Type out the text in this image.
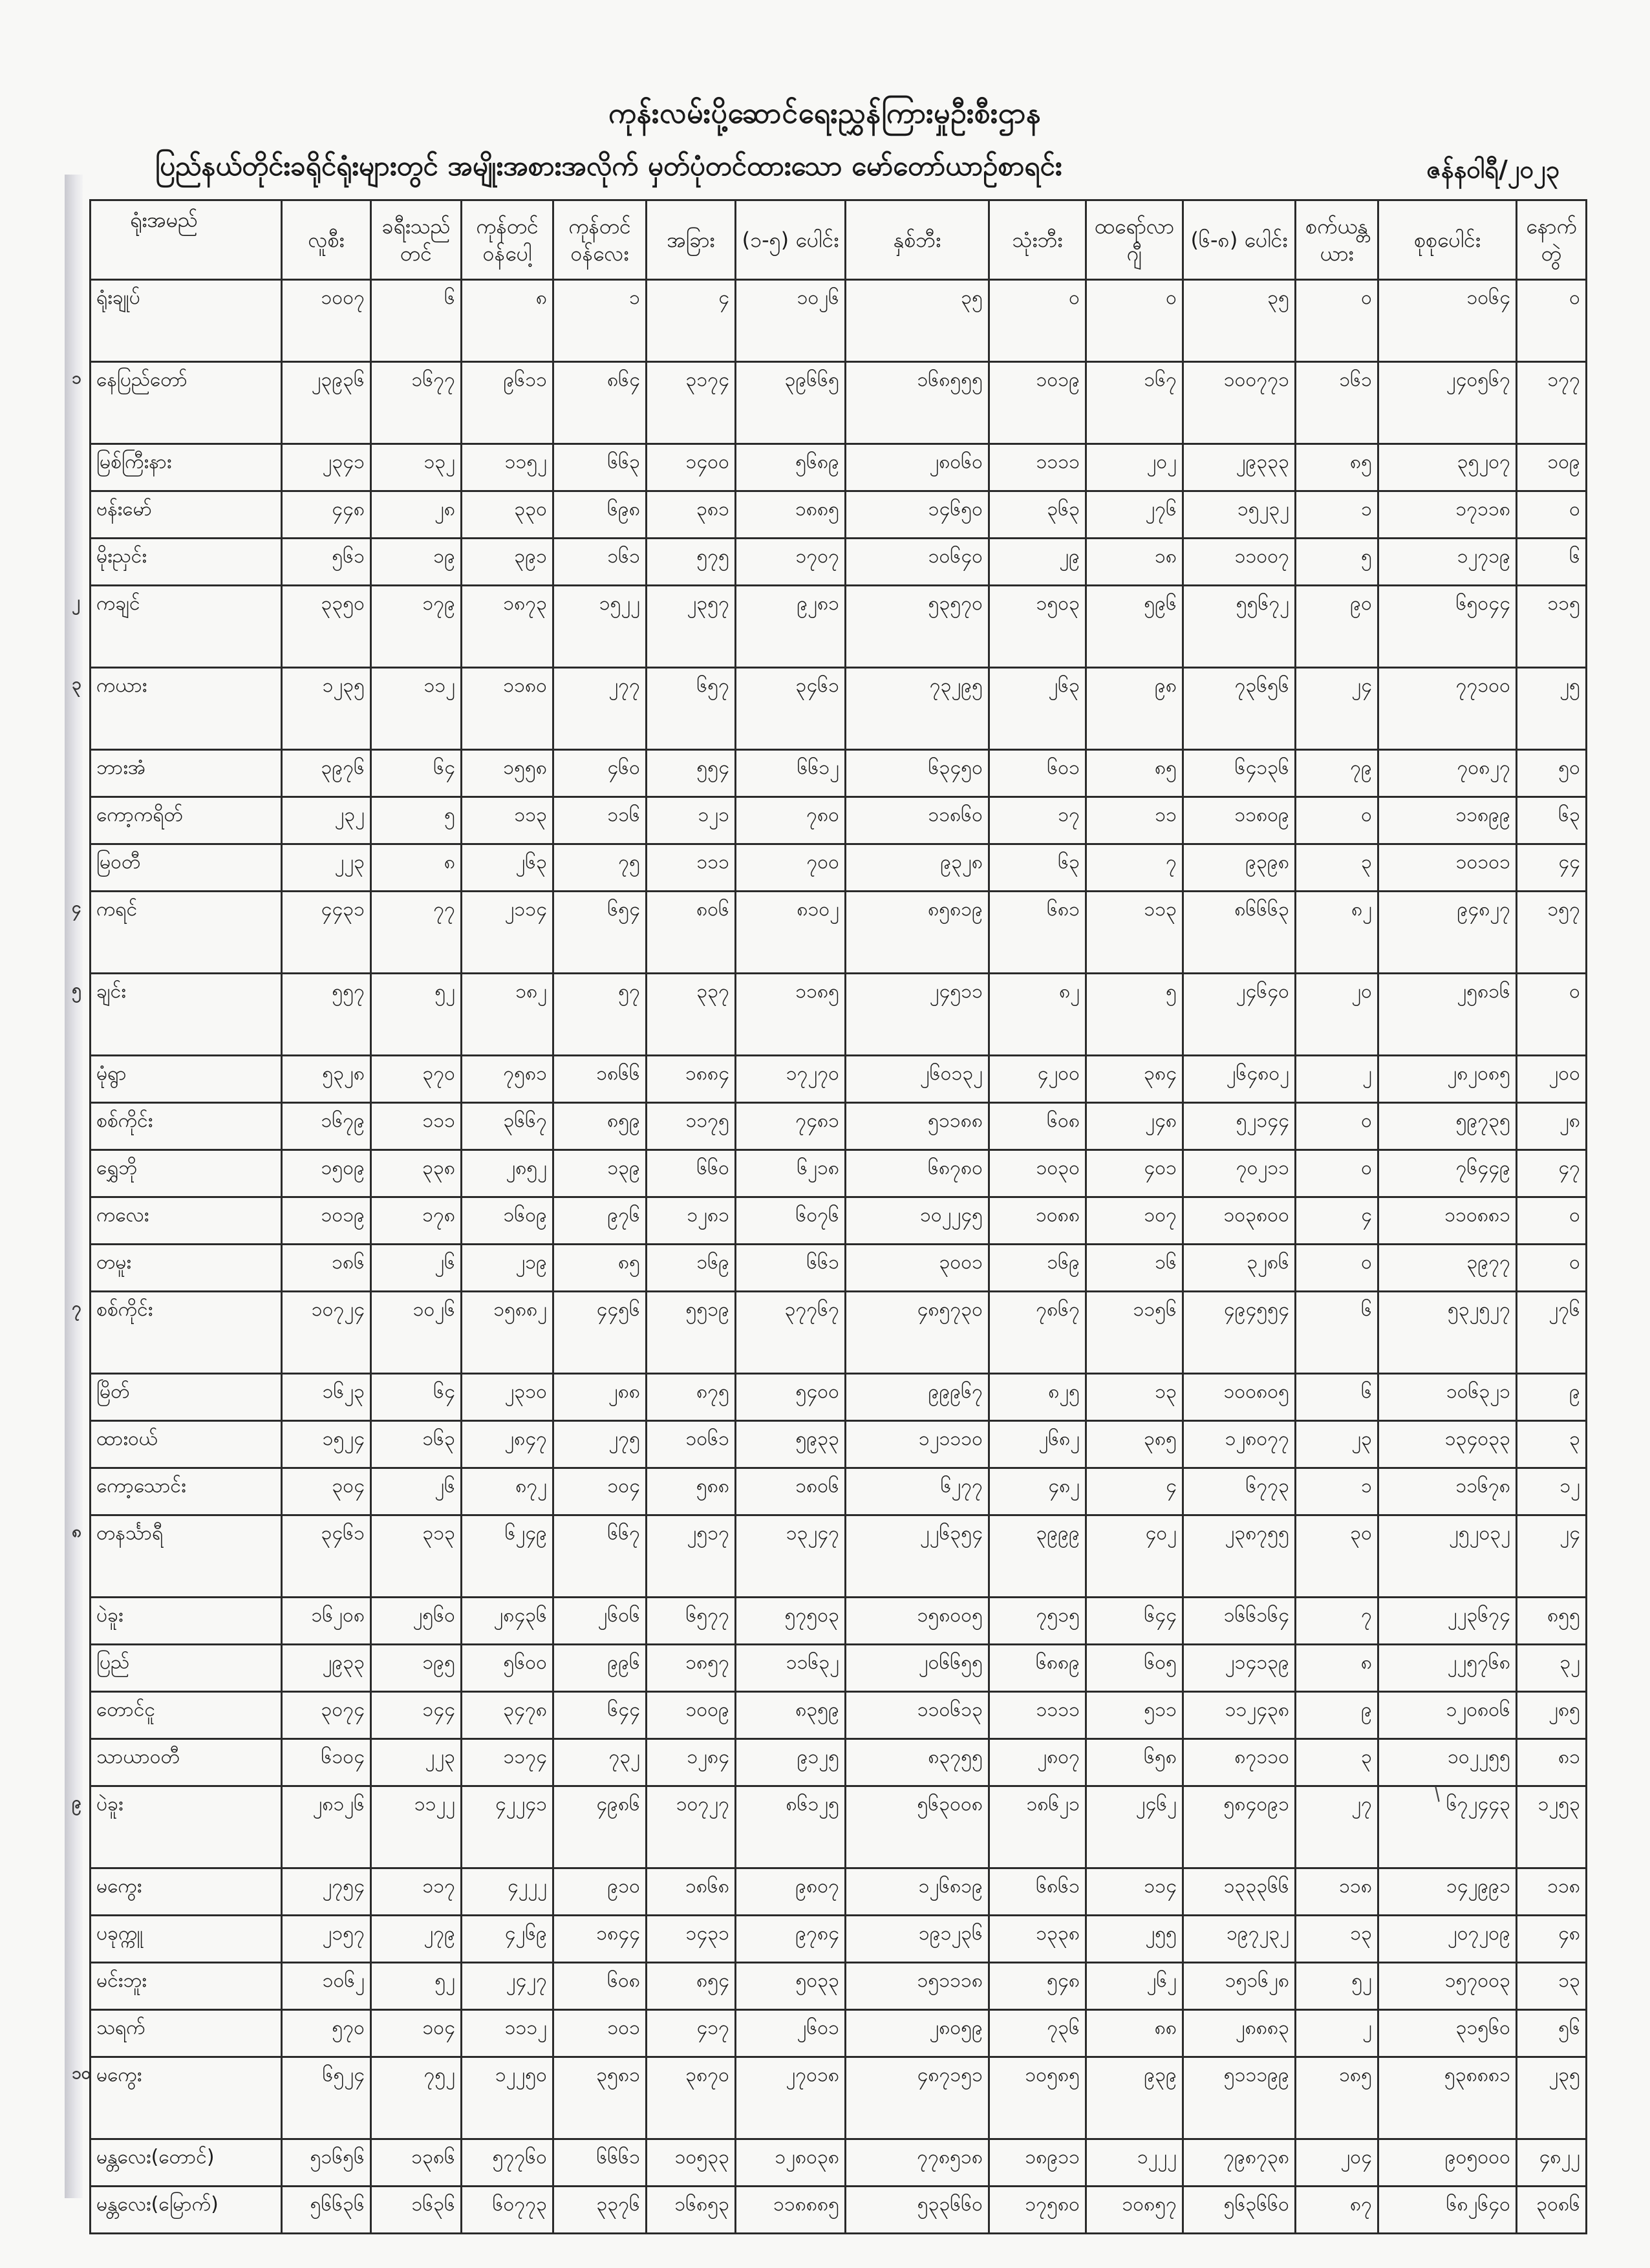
ကုန်းလမ်းပို့ဆောင်ရေးညွှန်ကြားမှုဦးစီးဌာန
ပြည်နယ်တိုင်းခရိုင်ရုံးများတွင် အမျိုးအစားအလိုက် မှတ်ပုံတင်ထားသော မော်တော်ယာဉ်စာရင်း	ဇန်န၀ါရီ/၂၀၂၃
ရုံးအမည်	လူစီး	ခရီးသည်တင်	ကုန်တင်ဝန်ပေါ့	ကုန်တင်ဝန်လေး	အခြား	(၁-၅) ပေါင်း	နှစ်ဘီး	သုံးဘီး	ထရော်လာဂျီ	(၆-၈) ပေါင်း	စက်ယန္တယား	စုစုပေါင်း	နောက်တွဲ

ရုံးချုပ်	၁၀၀၇	၆	၈	၁	၄	၁၀၂၆	၃၅	၀	၀	၃၅	၀	၁၀၆၄	၀

၁ နေပြည်တော်	၂၃၉၃၆	၁၆၇၇	၉၆၁၁	၈၆၄	၃၁၇၄	၃၉၆၆၅	၁၆၈၅၅၅	၁၀၁၉	၁၆၇	၁၀၀၇၇၁	၁၆၁	၂၄၀၅၆၇	၁၇၇

မြစ်ကြီးနား	၂၃၄၁	၁၃၂	၁၁၅၂	၆၆၃	၁၄၀၀	၅၆၈၉	၂၈၀၆၀	၁၁၁၁	၂၀၂	၂၉၃၃၃	၈၅	၃၅၂၀၇	၁၀၉

ဗန်းမော်	၄၄၈	၂၈	၃၃၀	၆၉၈	၃၈၁	၁၈၈၅	၁၄၆၅၀	၃၆၃	၂၇၆	၁၅၂၃၂	၁	၁၇၁၁၈	၀

မိုးညှင်း	၅၆၁	၁၉	၃၉၁	၁၆၁	၅၇၅	၁၇၀၇	၁၀၆၄၀	၂၉	၁၈	၁၁၀၀၇	၅	၁၂၇၁၉	၆

၂ ကချင်	၃၃၅၀	၁၇၉	၁၈၇၃	၁၅၂၂	၂၃၅၇	၉၂၈၁	၅၃၅၇၀	၁၅၀၃	၅၉၆	၅၅၆၇၂	၉၀	၆၅၀၄၄	၁၁၅

၃ ကယား	၁၂၃၅	၁၁၂	၁၁၈၀	၂၇၇	၆၅၇	၃၄၆၁	၇၃၂၉၅	၂၆၃	၉၈	၇၃၆၅၆	၂၄	၇၇၁၀၀	၂၅

ဘားအံ	၃၉၇၆	၆၄	၁၅၅၈	၄၆၀	၅၅၄	၆၆၁၂	၆၃၄၅၀	၆၀၁	၈၅	၆၄၁၃၆	၇၉	၇၀၈၂၇	၅၀

ကော့ကရိတ်	၂၃၂	၅	၁၁၃	၁၁၆	၁၂၁	၇၈၀	၁၁၈၆၀	၁၇	၁၁	၁၁၈၀၉	၀	၁၁၈၉၉	၆၃

မြဝတီ	၂၂၃	၈	၂၆၃	၇၅	၁၁၁	၇၀၀	၉၃၂၈	၆၃	၇	၉၃၉၈	၃	၁၀၁၀၁	၄၄

၄ ကရင်	၄၄၃၁	၇၇	၂၁၁၄	၆၅၄	၈၀၆	၈၁၀၂	၈၅၈၁၉	၆၈၁	၁၁၃	၈၆၆၆၃	၈၂	၉၄၈၂၇	၁၅၇

၅ ချင်း	၅၅၇	၅၂	၁၈၂	၅၇	၃၃၇	၁၁၈၅	၂၄၅၁၁	၈၂	၅	၂၄၆၄၀	၂၀	၂၅၈၁၆	၀

မုံရွာ	၅၃၂၈	၃၇၀	၇၅၈၁	၁၈၆၆	၁၈၈၄	၁၇၂၇၀	၂၆၀၁၃၂	၄၂၀၀	၃၈၄	၂၆၄၈၀၂	၂	၂၈၂၀၈၅	၂၀၀

စစ်ကိုင်း	၁၆၇၉	၁၁၁	၃၆၆၇	၈၅၉	၁၁၇၅	၇၄၈၁	၅၁၁၈၈	၆၀၈	၂၄၈	၅၂၁၄၄	၀	၅၉၇၃၅	၂၈

ရွှေဘို	၁၅၀၉	၃၃၈	၂၈၅၂	၁၃၉	၆၆၀	၆၂၁၈	၆၈၇၈၀	၁၀၃၀	၄၀၁	၇၀၂၁၁	၀	၇၆၄၄၉	၄၇

ကလေး	၁၀၁၉	၁၇၈	၁၆၀၉	၉၇၆	၁၂၈၁	၆၀၇၆	၁၀၂၂၄၅	၁၀၈၈	၁၀၇	၁၀၃၈၀၀	၄	၁၁၀၈၈၁	၀

တမူး	၁၈၆	၂၆	၂၁၉	၈၅	၁၆၉	၆၆၁	၃၀၀၁	၁၆၉	၁၆	၃၂၈၆	၀	၃၉၇၇	၀

၇ စစ်ကိုင်း	၁၀၇၂၄	၁၀၂၆	၁၅၈၈၂	၄၄၅၆	၅၅၁၉	၃၇၇၆၇	၄၈၅၇၃၀	၇၈၆၇	၁၁၅၆	၄၉၄၅၅၄	၆	၅၃၂၅၂၇	၂၇၆

မြိတ်	၁၆၂၃	၆၄	၂၃၁၀	၂၈၈	၈၇၅	၅၄၀၀	၉၉၉၆၇	၈၂၅	၁၃	၁၀၀၈၀၅	၆	၁၀၆၃၂၁	၉

ထားဝယ်	၁၅၂၄	၁၆၃	၂၈၄၇	၂၇၅	၁၀၆၁	၅၉၃၃	၁၂၁၁၁၀	၂၆၈၂	၃၈၅	၁၂၈၀၇၇	၂၃	၁၃၄၀၃၃	၃

ကော့သောင်း	၃၀၄	၂၆	၈၇၂	၁၀၄	၅၈၈	၁၈၀၆	၆၂၇၇	၄၈၂	၄	၆၇၇၃	၁	၁၁၆၇၈	၁၂

၈ တနင်္သာရီ	၃၄၆၁	၃၁၃	၆၂၄၉	၆၆၇	၂၅၁၇	၁၃၂၄၇	၂၂၆၃၅၄	၃၉၉၉	၄၀၂	၂၃၈၇၅၅	၃၀	၂၅၂၀၃၂	၂၄

ပဲခူး	၁၆၂၀၈	၂၅၆၀	၂၈၄၃၆	၂၆၀၆	၆၅၇၇	၅၇၅၀၃	၁၅၈၀၀၅	၇၅၁၅	၆၄၄	၁၆၆၁၆၄	၇	၂၂၃၆၇၄	၈၅၅

ပြည်	၂၉၃၃	၁၉၅	၅၆၀၀	၉၉၆	၁၈၅၇	၁၁၆၃၂	၂၀၆၆၅၅	၆၈၈၉	၆၀၅	၂၁၄၁၃၉	၈	၂၂၅၇၆၈	၃၂

တောင်ငူ	၃၀၇၄	၁၄၄	၃၄၇၈	၆၄၄	၁၀၀၉	၈၃၅၉	၁၁၀၆၁၃	၁၁၁၁	၅၁၁	၁၁၂၄၃၈	၉	၁၂၀၈၀၆	၂၈၅

သာယာဝတီ	၆၁၀၄	၂၂၃	၁၁၇၄	၇၃၂	၁၂၈၄	၉၁၂၅	၈၃၇၅၅	၂၈၀၇	၆၅၈	၈၇၁၁၀	၃	၁၀၂၂၅၅	၈၁

၉ ပဲခူး	၂၈၁၂၆	၁၁၂၂	၄၂၂၄၁	၄၉၈၆	၁၀၇၂၇	၈၆၁၂၅	၅၆၃၀၀၈	၁၈၆၂၁	၂၄၆၂	၅၈၄၀၉၁	၂၇	၆၇၂၄၄၃	၁၂၅၃

မကွေး	၂၇၅၄	၁၁၇	၄၂၂၂	၉၁၀	၁၈၆၈	၉၈၀၇	၁၂၆၈၁၉	၆၈၆၁	၁၁၄	၁၃၃၃၆၆	၁၁၈	၁၄၂၉၉၁	၁၁၈

ပခုက္ကူ	၂၁၅၇	၂၇၉	၄၂၆၉	၁၈၄၄	၁၄၃၁	၉၇၈၄	၁၉၁၂၃၆	၁၃၃၈	၂၅၅	၁၉၇၂၃၂	၁၃	၂၀၇၂၀၉	၄၈

မင်းဘူး	၁၀၆၂	၅၂	၂၄၂၇	၆၀၈	၈၅၄	၅၀၃၃	၁၅၁၁၁၈	၅၄၈	၂၆၂	၁၅၁၆၂၈	၅၂	၁၅၇၀၀၃	၁၃

သရက်	၅၇၀	၁၀၄	၁၁၁၂	၁၀၁	၄၁၇	၂၆၀၁	၂၈၀၅၉	၇၃၆	၈၈	၂၈၈၈၃	၂	၃၁၅၆၀	၅၆

၁၀ မကွေး	၆၅၂၄	၇၅၂	၁၂၂၅၀	၃၅၈၁	၃၈၇၀	၂၇၀၁၈	၄၈၇၁၅၁	၁၀၅၈၅	၉၃၉	၅၁၁၁၉၉	၁၈၅	၅၃၈၈၈၁	၂၃၅

မန္တလေး(တောင်)	၅၁၆၅၆	၁၃၈၆	၅၇၇၆၀	၆၆၆၁	၁၀၅၃၃	၁၂၈၀၃၈	၇၇၈၅၁၈	၁၈၉၁၁	၁၂၂၂	၇၉၈၇၃၈	၂၀၄	၉၀၅၀၀၀	၄၈၂၂

မန္တလေး(မြောက်)	၅၆၆၃၆	၁၆၃၆	၆၀၇၇၃	၃၃၇၆	၁၆၈၅၃	၁၁၈၈၈၅	၅၃၃၆၆၀	၁၇၅၈၀	၁၀၈၅၇	၅၆၃၆၆၀	၈၇	၆၈၂၆၄၀	၃၀၈၆
/
